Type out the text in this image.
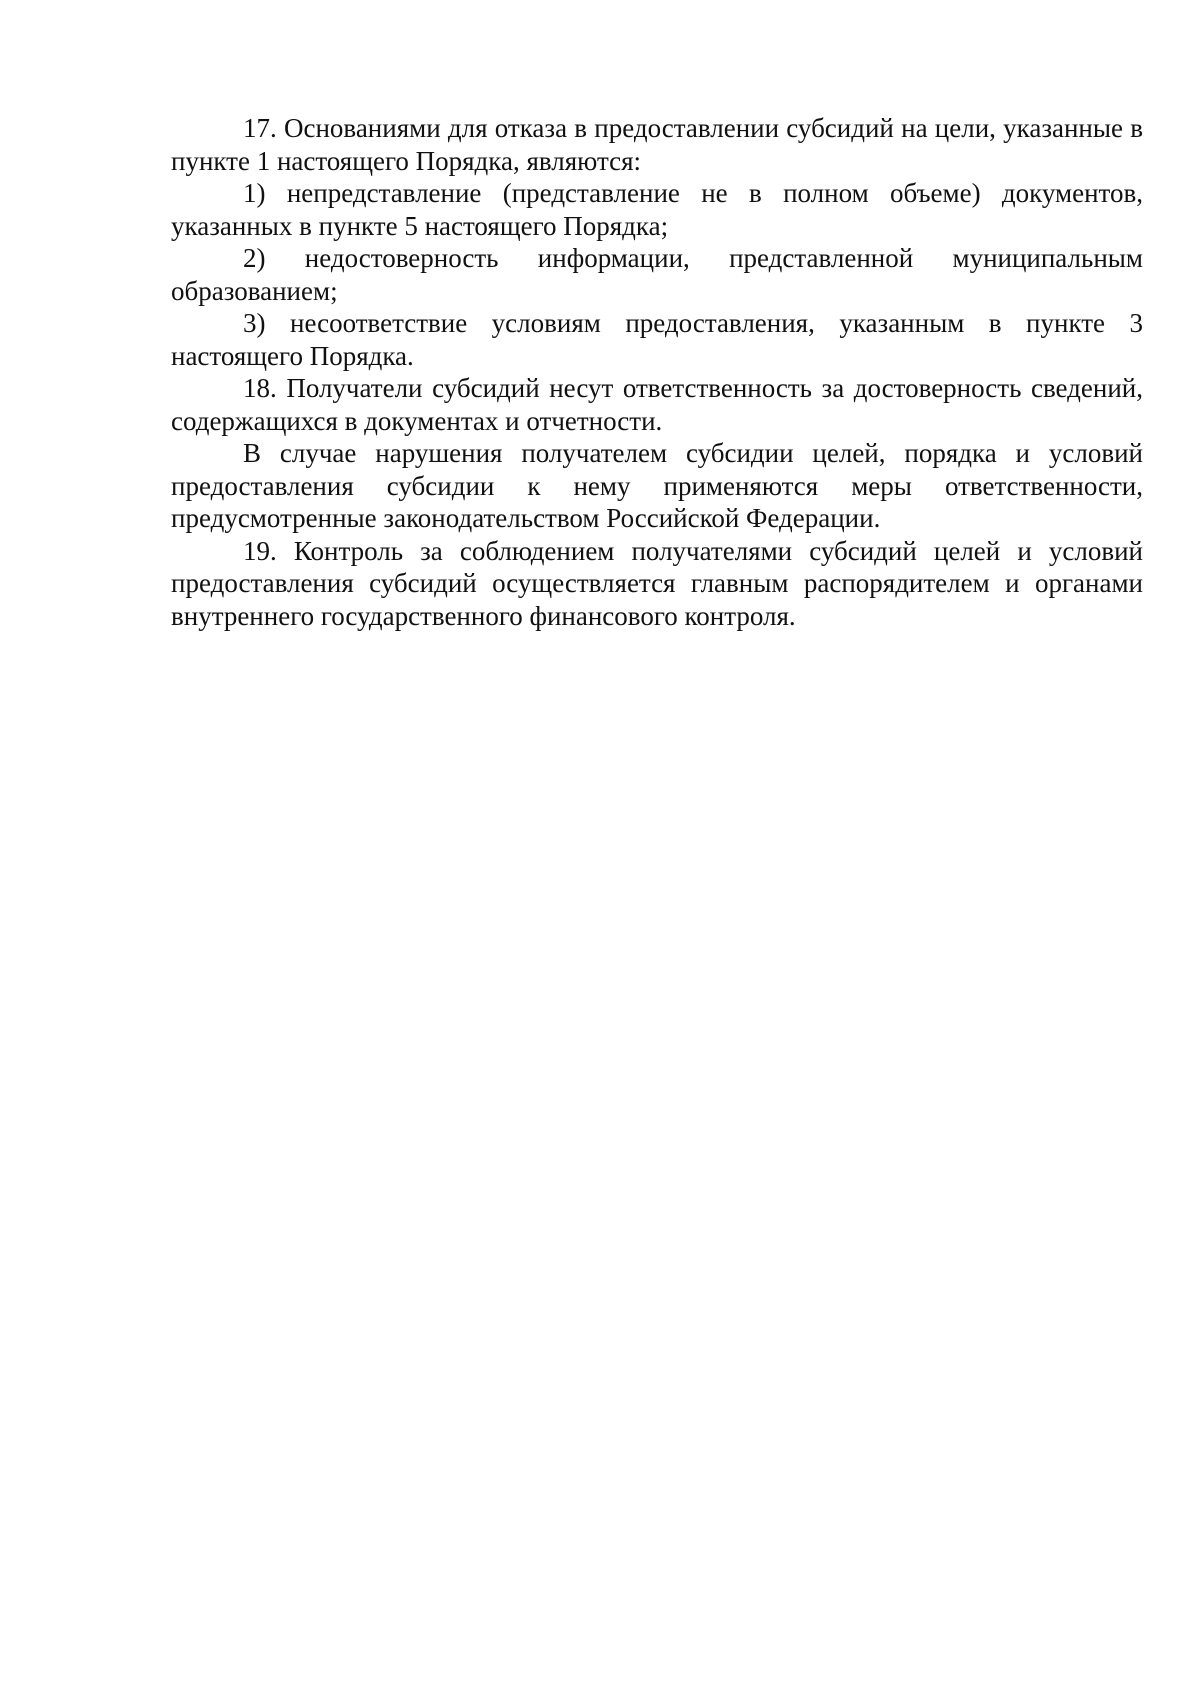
17. Основаниями для отказа в предоставлении субсидий на цели, указанные в пункте 1 настоящего Порядка, являются:

1) непредставление (представление не в полном объеме) документов, указанных в пункте 5 настоящего Порядка;

2) недостоверность информации, представленной муниципальным образованием;

3) несоответствие условиям предоставления, указанным в пункте 3 настоящего Порядка.

18. Получатели субсидий несут ответственность за достоверность сведений, содержащихся в документах и отчетности.

В случае нарушения получателем субсидии целей, порядка и условий предоставления субсидии к нему применяются меры ответственности, предусмотренные законодательством Российской Федерации.

19. Контроль за соблюдением получателями субсидий целей и условий предоставления субсидий осуществляется главным распорядителем и органами внутреннего государственного финансового контроля.
